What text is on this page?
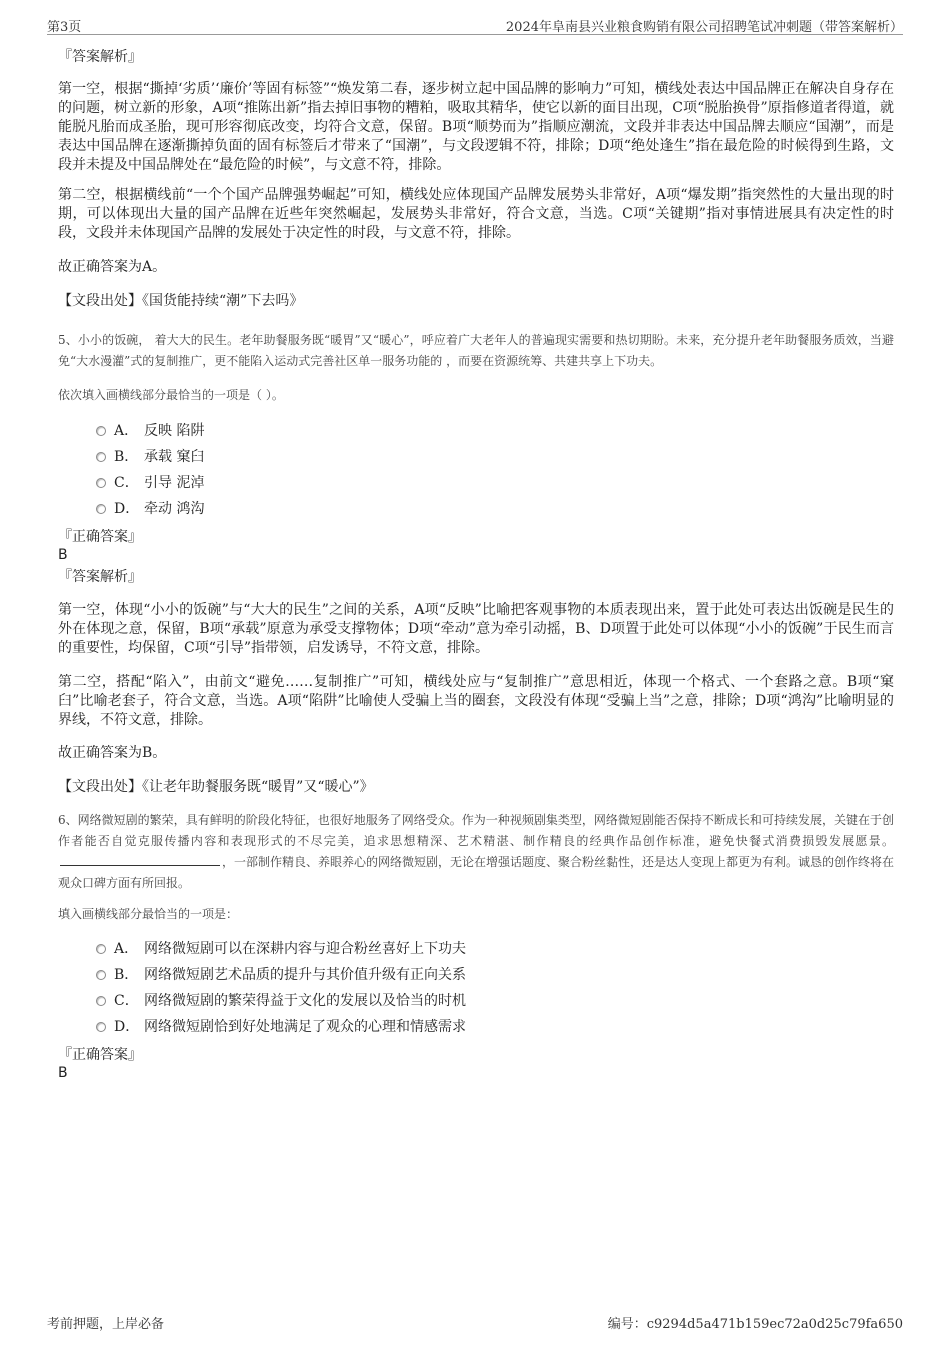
第3页	2024年阜南县兴业粮食购销有限公司招聘笔试冲刺题（带答案解析）
『答案解析』

第一空，根据“撕掉‘劣质’‘廉价’等固有标签”“焕发第二春，逐步树立起中国品牌的影响力”可知，横线处表达中国品牌正在解决自身存在的问题，树立新的形象，A项“推陈出新”指去掉旧事物的糟粕，吸取其精华，使它以新的面目出现，C项“脱胎换骨”原指修道者得道，就能脱凡胎而成圣胎，现可形容彻底改变，均符合文意，保留。B项“顺势而为”指顺应潮流，文段并非表达中国品牌去顺应“国潮”，而是表达中国品牌在逐渐撕掉负面的固有标签后才带来了“国潮”，与文段逻辑不符，排除；D项“绝处逢生”指在最危险的时候得到生路，文段并未提及中国品牌处在“最危险的时候”，与文意不符，排除。

第二空，根据横线前“一个个国产品牌强势崛起”可知，横线处应体现国产品牌发展势头非常好，A项“爆发期”指突然性的大量出现的时期，可以体现出大量的国产品牌在近些年突然崛起，发展势头非常好，符合文意，当选。C项“关键期”指对事情进展具有决定性的时段，文段并未体现国产品牌的发展处于决定性的时段，与文意不符，排除。

故正确答案为A。
【文段出处】《国货能持续“潮”下去吗》

5、小小的饭碗， 着大大的民生。老年助餐服务既“暖胃”又“暖心”，呼应着广大老年人的普遍现实需要和热切期盼。未来，充分提升老年助餐服务质效，当避免“大水漫灌”式的复制推广，更不能陷入运动式完善社区单一服务功能的 ，而要在资源统筹、共建共享上下功夫。

依次填入画横线部分最恰当的一项是（ ）。
A． 反映 陷阱
B． 承载 窠臼
C． 引导 泥淖
D． 牵动 鸿沟
『正确答案』
B
『答案解析』

第一空，体现“小小的饭碗”与“大大的民生”之间的关系，A项“反映”比喻把客观事物的本质表现出来，置于此处可表达出饭碗是民生的外在体现之意，保留，B项“承载”原意为承受支撑物体；D项“牵动”意为牵引动摇，B、D项置于此处可以体现“小小的饭碗”于民生而言的重要性，均保留，C项“引导”指带领，启发诱导，不符文意，排除。

第二空，搭配“陷入”，由前文“避免……复制推广”可知，横线处应与“复制推广”意思相近，体现一个格式、一个套路之意。B项“窠臼”比喻老套子，符合文意，当选。A项“陷阱”比喻使人受骗上当的圈套，文段没有体现“受骗上当”之意，排除；D项“鸿沟”比喻明显的界线，不符文意，排除。

故正确答案为B。
【文段出处】《让老年助餐服务既“暖胃”又“暖心”》

6、网络微短剧的繁荣，具有鲜明的阶段化特征，也很好地服务了网络受众。作为一种视频剧集类型，网络微短剧能否保持不断成长和可持续发展，关键在于创作者能否自觉克服传播内容和表现形式的不尽完美，追求思想精深、艺术精湛、制作精良的经典作品创作标准，避免快餐式消费损毁发展愿景。，一部制作精良、养眼养心的网络微短剧，无论在增强话题度、聚合粉丝黏性，还是达人变现上都更为有利。诚恳的创作终将在观众口碑方面有所回报。

填入画横线部分最恰当的一项是：
A． 网络微短剧可以在深耕内容与迎合粉丝喜好上下功夫
B． 网络微短剧艺术品质的提升与其价值升级有正向关系
C． 网络微短剧的繁荣得益于文化的发展以及恰当的时机
D． 网络微短剧恰到好处地满足了观众的心理和情感需求
『正确答案』
B
考前押题，上岸必备	编号：c9294d5a471b159ec72a0d25c79fa650
